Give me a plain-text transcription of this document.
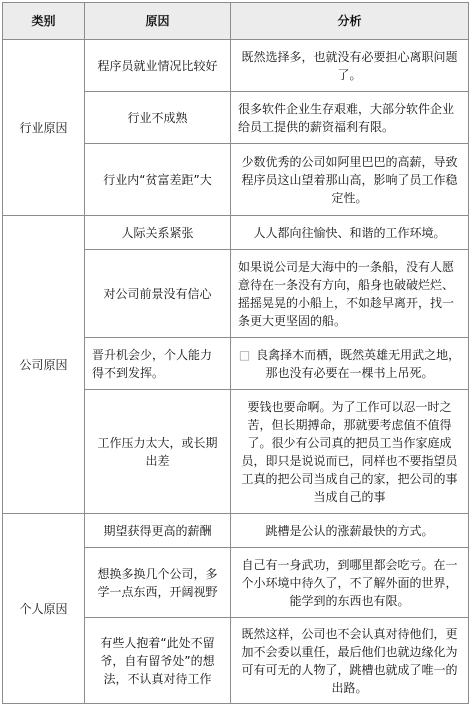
类别	原因	分析
行业原因	程序员就业情况比较好	既然选择多，也就没有必要担心离职问题了。
	行业不成熟	很多软件企业生存艰难，大部分软件企业给员工提供的薪资福利有限。
	行业内“贫富差距”大	少数优秀的公司如阿里巴巴的高薪，导致程序员这山望着那山高，影响了员工作稳定性。
公司原因	人际关系紧张	人人都向往愉快、和谐的工作环境。
	对公司前景没有信心	如果说公司是大海中的一条船，没有人愿意待在一条没有方向，船身也破破烂烂、摇摇晃晃的小船上，不如趁早离开，找一条更大更坚固的船。
	晋升机会少，个人能力得不到发挥。	□ 良禽择木而栖，既然英雄无用武之地，那也没有必要在一棵书上吊死。
	工作压力太大，或长期出差	要钱也要命啊。为了工作可以忍一时之苦，但长期搏命，那就要考虑值不值得了。很少有公司真的把员工当作家庭成员，即只是说说而已，同样也不要指望员工真的把公司当成自己的家，把公司的事当成自己的事
个人原因	期望获得更高的薪酬	跳槽是公认的涨薪最快的方式。
	想换多换几个公司，多学一点东西，开阔视野	自己有一身武功，到哪里都会吃亏。在一个小环境中待久了，不了解外面的世界，能学到的东西也有限。
	有些人抱着“此处不留爷，自有留爷处”的想法，不认真对待工作	既然这样，公司也不会认真对待他们，更加不会委以重任，最后他们也就边缘化为可有可无的人物了，跳槽也就成了唯一的出路。
